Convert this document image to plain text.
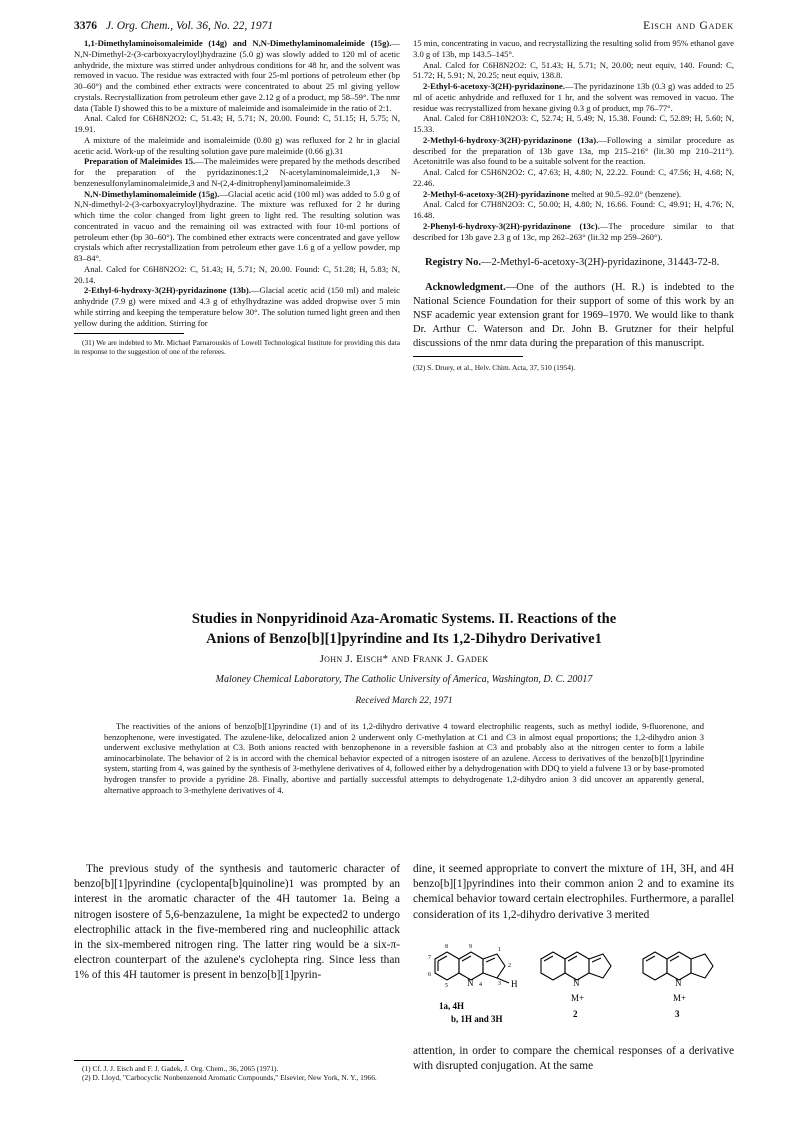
3376 J. Org. Chem., Vol. 36, No. 22, 1971	Eisch and Gadek

1,1-Dimethylaminoisomaleimide (14g) and N,N-Dimethylaminomaleimide (15g).—N,N-Dimethyl-2-(3-carboxyacryloyl)hydrazine (5.0 g) was slowly added to 120 ml of acetic anhydride, the mixture was stirred under anhydrous conditions for 48 hr, and the solvent was removed in vacuo. The residue was extracted with four 25-ml portions of petroleum ether (bp 30–60°) and the combined ether extracts were concentrated to about 25 ml giving yellow crystals. Recrystallization from petroleum ether gave 2.12 g of a product, mp 58–59°. The nmr data (Table I) showed this to be a mixture of maleimide and isomaleimide in the ratio of 2:1.

Anal. Calcd for C6H8N2O2: C, 51.43; H, 5.71; N, 20.00. Found: C, 51.15; H, 5.75; N, 19.91.

A mixture of the maleimide and isomaleimide (0.80 g) was refluxed for 2 hr in glacial acetic acid. Work-up of the resulting solution gave pure maleimide (0.66 g).31

Preparation of Maleimides 15.—The maleimides were prepared by the methods described for the preparation of the pyridazinones:1,2 N-acetylaminomaleimide,1,3 N-benzenesulfonylaminomaleimide,3 and N-(2,4-dinitrophenyl)aminomaleimide.3

N,N-Dimethylaminomaleimide (15g).—Glacial acetic acid (100 ml) was added to 5.0 g of N,N-dimethyl-2-(3-carboxyacryloyl)hydrazine. The mixture was refluxed for 2 hr during which time the color changed from light green to light red. The resulting solution was concentrated in vacuo and the remaining oil was extracted with four 10-ml portions of petroleum ether (bp 30–60°). The combined ether extracts were concentrated and gave yellow crystals which after recrystallization from petroleum ether gave 1.6 g of a yellow powder, mp 83–84°.

Anal. Calcd for C6H8N2O2: C, 51.43; H, 5.71; N, 20.00. Found: C, 51.28; H, 5.83; N, 20.14.

2-Ethyl-6-hydroxy-3(2H)-pyridazinone (13b).—Glacial acetic acid (150 ml) and maleic anhydride (7.9 g) were mixed and 4.3 g of ethylhydrazine was added dropwise over 5 min while stirring and keeping the temperature below 30°. The solution turned light green and then yellow during the addition. Stirring for

(31) We are indebted to Mr. Michael Parnarouskis of Lowell Technological Institute for providing this data in response to the suggestion of one of the referees.

15 min, concentrating in vacuo, and recrystallizing the resulting solid from 95% ethanol gave 3.0 g of 13b, mp 143.5–145°.

Anal. Calcd for C6H8N2O2: C, 51.43; H, 5.71; N, 20.00; neut equiv, 140. Found: C, 51.72; H, 5.91; N, 20.25; neut equiv, 138.8.

2-Ethyl-6-acetoxy-3(2H)-pyridazinone.—The pyridazinone 13b (0.3 g) was added to 25 ml of acetic anhydride and refluxed for 1 hr, and the solvent was removed in vacuo. The residue was recrystallized from hexane giving 0.3 g of product, mp 76–77°.

Anal. Calcd for C8H10N2O3: C, 52.74; H, 5.49; N, 15.38. Found: C, 52.89; H, 5.60; N, 15.33.

2-Methyl-6-hydroxy-3(2H)-pyridazinone (13a).—Following a similar procedure as described for the preparation of 13b gave 13a, mp 215–216° (lit.30 mp 210–211°). Acetonitrile was also found to be a suitable solvent for the reaction.

Anal. Calcd for C5H6N2O2: C, 47.63; H, 4.80; N, 22.22. Found: C, 47.56; H, 4.68; N, 22.46.

2-Methyl-6-acetoxy-3(2H)-pyridazinone melted at 90.5–92.0° (benzene).

Anal. Calcd for C7H8N2O3: C, 50.00; H, 4.80; N, 16.66. Found: C, 49.91; H, 4.76; N, 16.48.

2-Phenyl-6-hydroxy-3(2H)-pyridazinone (13c).—The procedure similar to that described for 13b gave 2.3 g of 13c, mp 262–263° (lit.32 mp 259–260°).

Registry No.—2-Methyl-6-acetoxy-3(2H)-pyridazinone, 31443-72-8.
Acknowledgment.—One of the authors (H. R.) is indebted to the National Science Foundation for their support of some of this work by an NSF academic year extension grant for 1969–1970. We would like to thank Dr. Arthur C. Waterson and Dr. John B. Grutzner for their helpful discussions of the nmr data during the preparation of this manuscript.
(32) S. Druey, et al., Helv. Chim. Acta, 37, 510 (1954).
Studies in Nonpyridinoid Aza-Aromatic Systems. II. Reactions of the
Anions of Benzo[b][1]pyrindine and Its 1,2-Dihydro Derivative1
John J. Eisch* and Frank J. Gadek
Maloney Chemical Laboratory, The Catholic University of America, Washington, D. C. 20017
Received March 22, 1971
The reactivities of the anions of benzo[b][1]pyrindine (1) and of its 1,2-dihydro derivative 4 toward electrophilic reagents, such as methyl iodide, 9-fluorenone, and benzophenone, were investigated. The azulene-like, delocalized anion 2 underwent only C-methylation at C1 and C3 in almost equal proportions; the 1,2-dihydro anion 3 underwent exclusive methylation at C3. Both anions reacted with benzophenone in a reversible fashion at C3 and probably also at the nitrogen center to form a labile aminocarbinolate. The behavior of 2 is in accord with the chemical behavior expected of a nitrogen isostere of an azulene. Access to derivatives of the benzo[b][1]pyrindine system, starting from 4, was gained by the synthesis of 3-methylene derivatives of 4, followed either by a dehydrogenation with DDQ to yield a fulvene 13 or by base-promoted hydrogen transfer to provide a pyridine 28. Finally, abortive and partially successful attempts to dehydrogenate 1,2-dihydro anion 3 did uncover an apparently general, alternative approach to 3-methylene derivatives of 4.

The previous study of the synthesis and tautomeric character of benzo[b][1]pyrindine (cyclopenta[b]quinoline)1 was prompted by an interest in the aromatic character of the 4H tautomer 1a. Being a nitrogen isostere of 5,6-benzazulene, 1a might be expected2 to undergo electrophilic attack in the five-membered ring and nucleophilic attack in the six-membered nitrogen ring. The latter ring would be a six-π-electron counterpart of the azulene's cyclohepta ring. Since less than 1% of this 4H tautomer is present in benzo[b][1]pyrin-

dine, it seemed appropriate to convert the mixture of 1H, 3H, and 4H benzo[b][1]pyrindines into their common anion 2 and to examine its chemical behavior toward certain electrophiles. Furthermore, a parallel consideration of its 1,2-dihydro derivative 3 merited

N	H	N
M+
N
M+
8	9	1
2
3
4
5
6
7
1a, 4H
b, 1H and 3H	2	3
attention, in order to compare the chemical responses of a derivative with disrupted conjugation. At the same
(1) Cf. J. J. Eisch and F. J. Gadek, J. Org. Chem., 36, 2065 (1971).
(2) D. Lloyd, "Carbocyclic Nonbenzenoid Aromatic Compounds," Elsevier, New York, N. Y., 1966.
